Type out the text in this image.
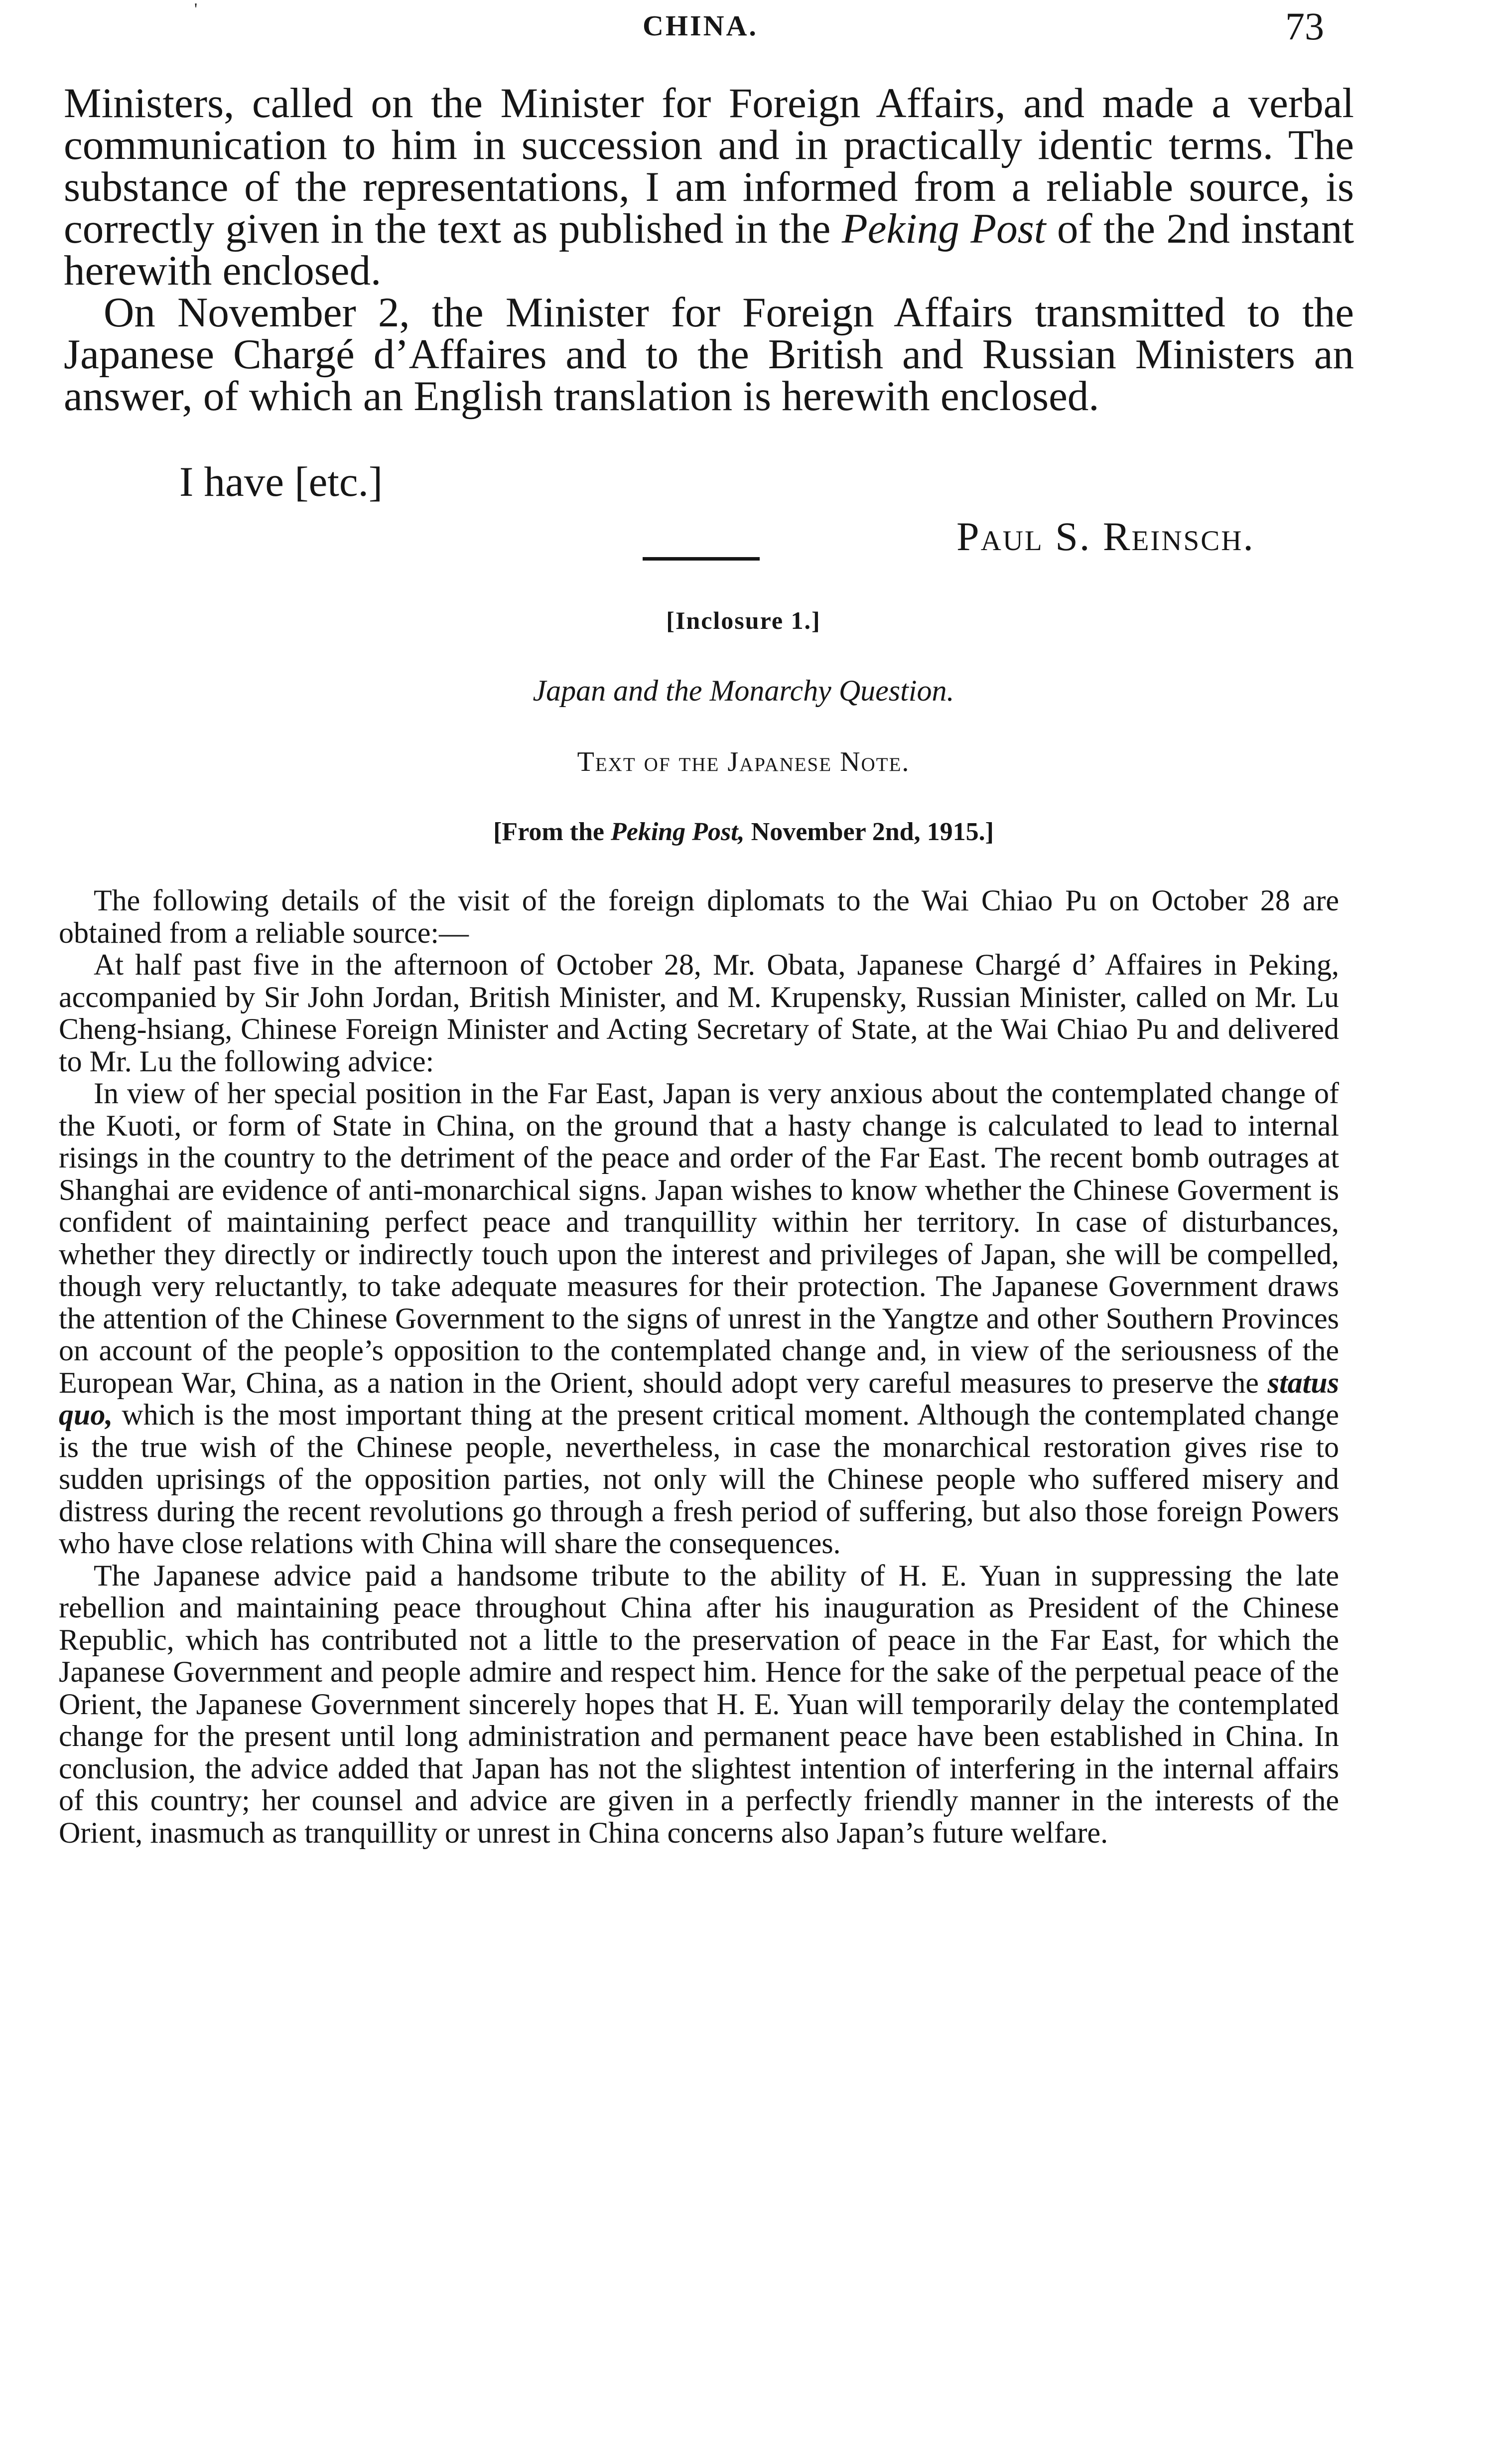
'
CHINA.	73

Ministers, called on the Minister for Foreign Affairs, and made a verbal communication to him in succession and in practically identic terms. The substance of the representations, I am informed from a reliable source, is correctly given in the text as published in the Peking Post of the 2nd instant herewith enclosed.

On November 2, the Minister for Foreign Affairs transmitted to the Japanese Chargé d’Affaires and to the British and Russian Ministers an answer, of which an English translation is herewith enclosed.

I have [etc.]
Paul S. Reinsch.
[Inclosure 1.]
Japan and the Monarchy Question.
Text of the Japanese Note.
[From the Peking Post, November 2nd, 1915.]

The following details of the visit of the foreign diplomats to the Wai Chiao Pu on October 28 are obtained from a reliable source:—

At half past five in the afternoon of October 28, Mr. Obata, Japanese Chargé d’ Affaires in Peking, accompanied by Sir John Jordan, British Minister, and M. Krupensky, Russian Minister, called on Mr. Lu Cheng-hsiang, Chinese Foreign Minister and Acting Secretary of State, at the Wai Chiao Pu and delivered to Mr. Lu the following advice:

In view of her special position in the Far East, Japan is very anxious about the contemplated change of the Kuoti, or form of State in China, on the ground that a hasty change is calculated to lead to internal risings in the country to the detriment of the peace and order of the Far East. The recent bomb outrages at Shanghai are evidence of anti-monarchical signs. Japan wishes to know whether the Chinese Goverment is confident of maintaining perfect peace and tranquillity within her territory. In case of disturbances, whether they directly or indirectly touch upon the interest and privileges of Japan, she will be compelled, though very reluctantly, to take adequate measures for their protection. The Japanese Government draws the attention of the Chinese Government to the signs of unrest in the Yangtze and other Southern Provinces on account of the people’s opposition to the contemplated change and, in view of the seriousness of the European War, China, as a nation in the Orient, should adopt very careful measures to preserve the status quo, which is the most important thing at the present critical moment. Although the contemplated change is the true wish of the Chinese people, nevertheless, in case the monarchical restoration gives rise to sudden uprisings of the opposition parties, not only will the Chinese people who suffered misery and distress during the recent revolutions go through a fresh period of suffering, but also those foreign Powers who have close relations with China will share the consequences.

The Japanese advice paid a handsome tribute to the ability of H. E. Yuan in suppressing the late rebellion and maintaining peace throughout China after his inauguration as President of the Chinese Republic, which has contributed not a little to the preservation of peace in the Far East, for which the Japanese Government and people admire and respect him. Hence for the sake of the perpetual peace of the Orient, the Japanese Government sincerely hopes that H. E. Yuan will temporarily delay the contemplated change for the present until long administration and permanent peace have been established in China. In conclusion, the advice added that Japan has not the slightest intention of interfering in the internal affairs of this country; her counsel and advice are given in a perfectly friendly manner in the interests of the Orient, inasmuch as tranquillity or unrest in China concerns also Japan’s future welfare.
